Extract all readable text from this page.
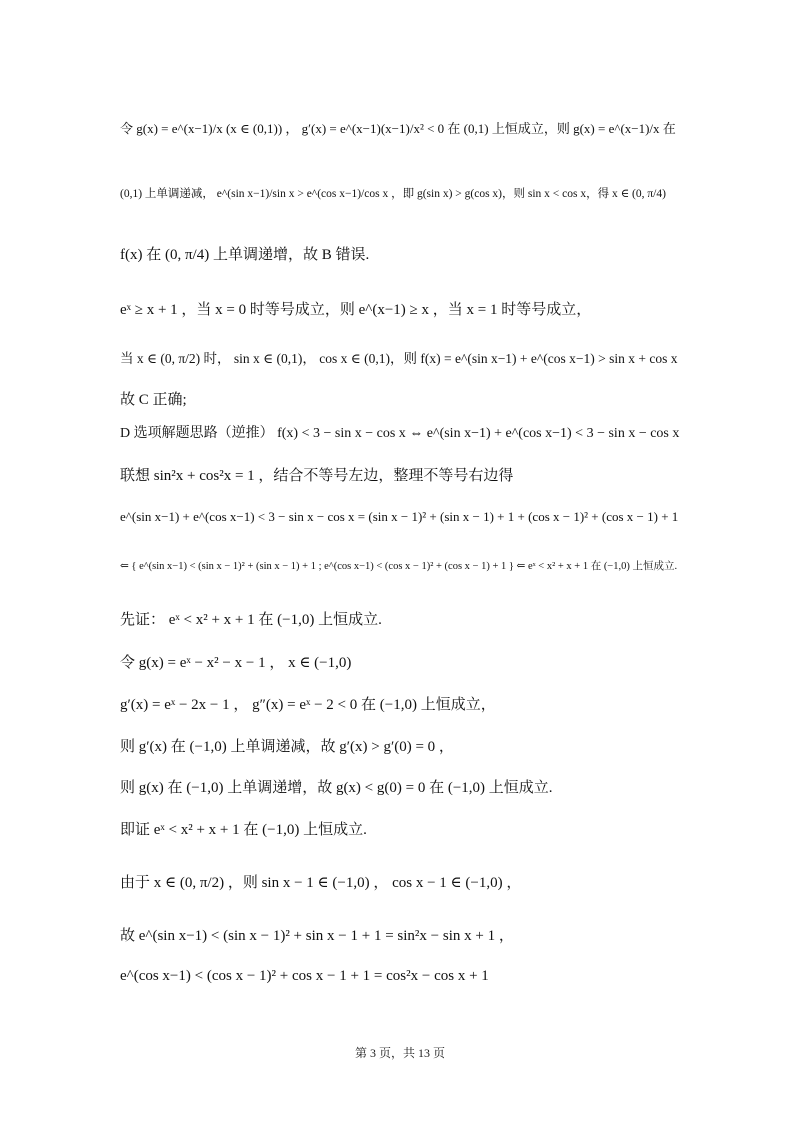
令 g(x) = e^(x−1)/x (x ∈ (0,1)) ， g′(x) = e^(x−1)(x−1)/x² < 0 在 (0,1) 上恒成立，则 g(x) = e^(x−1)/x 在
(0,1) 上单调递减， e^(sin x−1)/sin x > e^(cos x−1)/cos x ，即 g(sin x) > g(cos x)，则 sin x < cos x，得 x ∈ (0, π/4)
f(x) 在 (0, π/4) 上单调递增，故 B 错误.
eˣ ≥ x + 1 ，当 x = 0 时等号成立，则 e^(x−1) ≥ x ，当 x = 1 时等号成立，
当 x ∈ (0, π/2) 时， sin x ∈ (0,1)， cos x ∈ (0,1)，则 f(x) = e^(sin x−1) + e^(cos x−1) > sin x + cos x
故 C 正确;
D 选项解题思路（逆推） f(x) < 3 − sin x − cos x ⇔ e^(sin x−1) + e^(cos x−1) < 3 − sin x − cos x
联想 sin²x + cos²x = 1 ，结合不等号左边，整理不等号右边得
e^(sin x−1) + e^(cos x−1) < 3 − sin x − cos x = (sin x − 1)² + (sin x − 1) + 1 + (cos x − 1)² + (cos x − 1) + 1
⇐ { e^(sin x−1) < (sin x − 1)² + (sin x − 1) + 1 ; e^(cos x−1) < (cos x − 1)² + (cos x − 1) + 1 } ⇐ eˣ < x² + x + 1 在 (−1,0) 上恒成立.
先证： eˣ < x² + x + 1 在 (−1,0) 上恒成立.
令 g(x) = eˣ − x² − x − 1 ， x ∈ (−1,0)
g′(x) = eˣ − 2x − 1 ， g″(x) = eˣ − 2 < 0 在 (−1,0) 上恒成立，
则 g′(x) 在 (−1,0) 上单调递减，故 g′(x) > g′(0) = 0 ，
则 g(x) 在 (−1,0) 上单调递增，故 g(x) < g(0) = 0 在 (−1,0) 上恒成立.
即证 eˣ < x² + x + 1 在 (−1,0) 上恒成立.
由于 x ∈ (0, π/2) ，则 sin x − 1 ∈ (−1,0) ， cos x − 1 ∈ (−1,0) ，
故 e^(sin x−1) < (sin x − 1)² + sin x − 1 + 1 = sin²x − sin x + 1 ，
e^(cos x−1) < (cos x − 1)² + cos x − 1 + 1 = cos²x − cos x + 1
第 3 页，共 13 页
